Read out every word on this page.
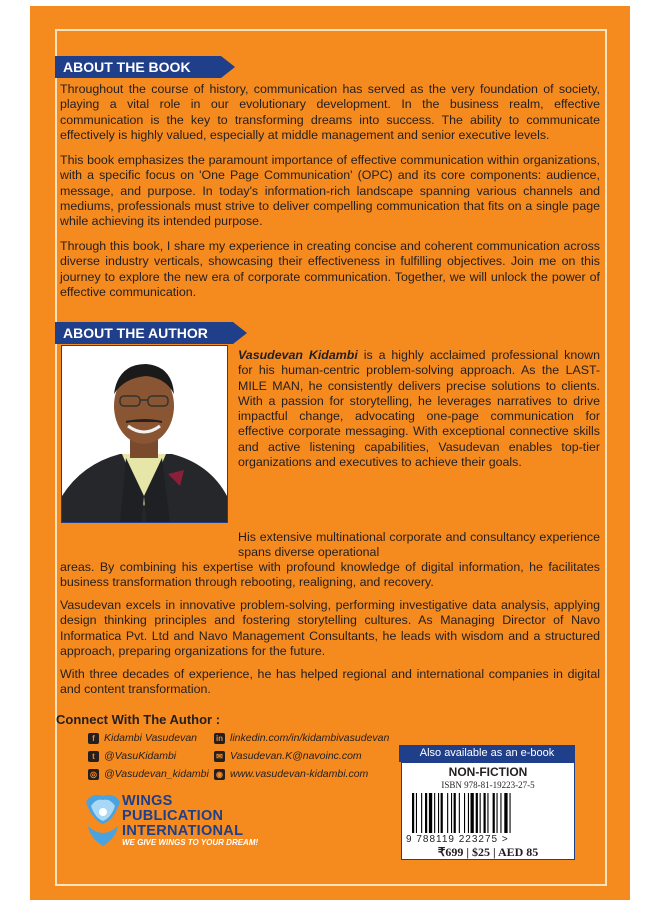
ABOUT THE BOOK

Throughout the course of history, communication has served as the very foundation of society, playing a vital role in our evolutionary development. In the business realm, effective communication is the key to transforming dreams into success. The ability to communicate effectively is highly valued, especially at middle management and senior executive levels.

This book emphasizes the paramount importance of effective communication within organizations, with a specific focus on 'One Page Communication' (OPC) and its core components: audience, message, and purpose. In today's information-rich landscape spanning various channels and mediums, professionals must strive to deliver compelling communication that fits on a single page while achieving its intended purpose.

Through this book, I share my experience in creating concise and coherent communication across diverse industry verticals, showcasing their effectiveness in fulfilling objectives. Join me on this journey to explore the new era of corporate communication. Together, we will unlock the power of effective communication.

ABOUT THE AUTHOR

Vasudevan Kidambi is a highly acclaimed professional known for his human-centric problem-solving approach. As the LAST-MILE MAN, he consistently delivers precise solutions to clients. With a passion for storytelling, he leverages narratives to drive impactful change, advocating one-page communication for effective corporate messaging. With exceptional connective skills and active listening capabilities, Vasudevan enables top-tier organizations and executives to achieve their goals.

His extensive multinational corporate and consultancy experience spans diverse operational

areas. By combining his expertise with profound knowledge of digital information, he facilitates business transformation through rebooting, realigning, and recovery.

Vasudevan excels in innovative problem-solving, performing investigative data analysis, applying design thinking principles and fostering storytelling cultures. As Managing Director of Navo Informatica Pvt. Ltd and Navo Management Consultants, he leads with wisdom and a structured approach, preparing organizations for the future.

With three decades of experience, he has helped regional and international companies in digital and content transformation.

Connect With The Author :
f Kidambi Vasudevan
t @VasuKidambi
◎ @Vasudevan_kidambi
in linkedin.com/in/kidambivasudevan
✉ Vasudevan.K@navoinc.com
◉ www.vasudevan-kidambi.com
WINGS
PUBLICATION
INTERNATIONAL
WE GIVE WINGS TO YOUR DREAM!
Also available as an e-book
NON-FICTION
ISBN 978-81-19223-27-5
9 788119 223275 >
₹699 | $25 | AED 85
